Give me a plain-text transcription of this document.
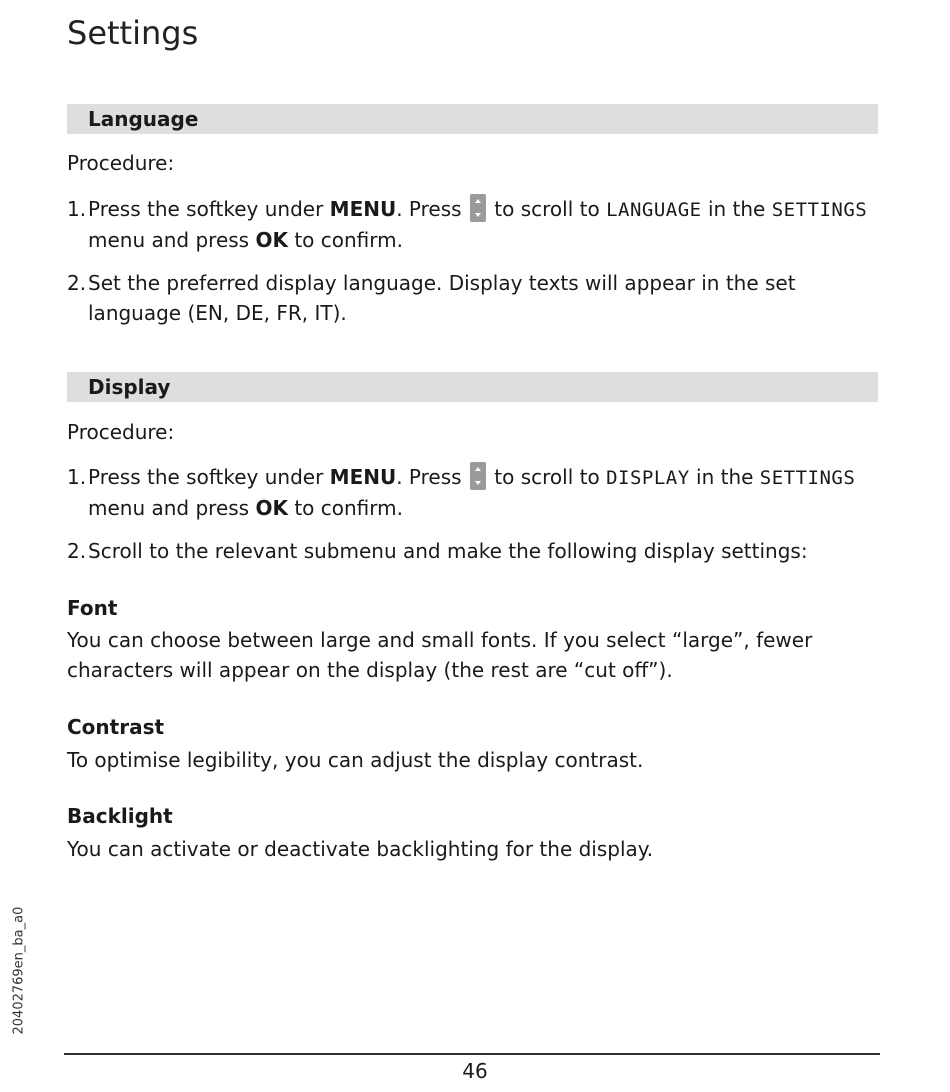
Settings
Language
Procedure:
1. Press the softkey under MENU. Press  to scroll to LANGUAGE in the SETTINGS menu and press OK to confirm.
2. Set the preferred display language. Display texts will appear in the set language (EN, DE, FR, IT).
Display
Procedure:
1. Press the softkey under MENU. Press  to scroll to DISPLAY in the SETTINGS menu and press OK to confirm.
2. Scroll to the relevant submenu and make the following display settings:
Font
You can choose between large and small fonts. If you select “large”, fewer characters will appear on the display (the rest are “cut off”).
Contrast
To optimise legibility, you can adjust the display contrast.
Backlight
You can activate or deactivate backlighting for the display.
20402769en_ba_a0
46
